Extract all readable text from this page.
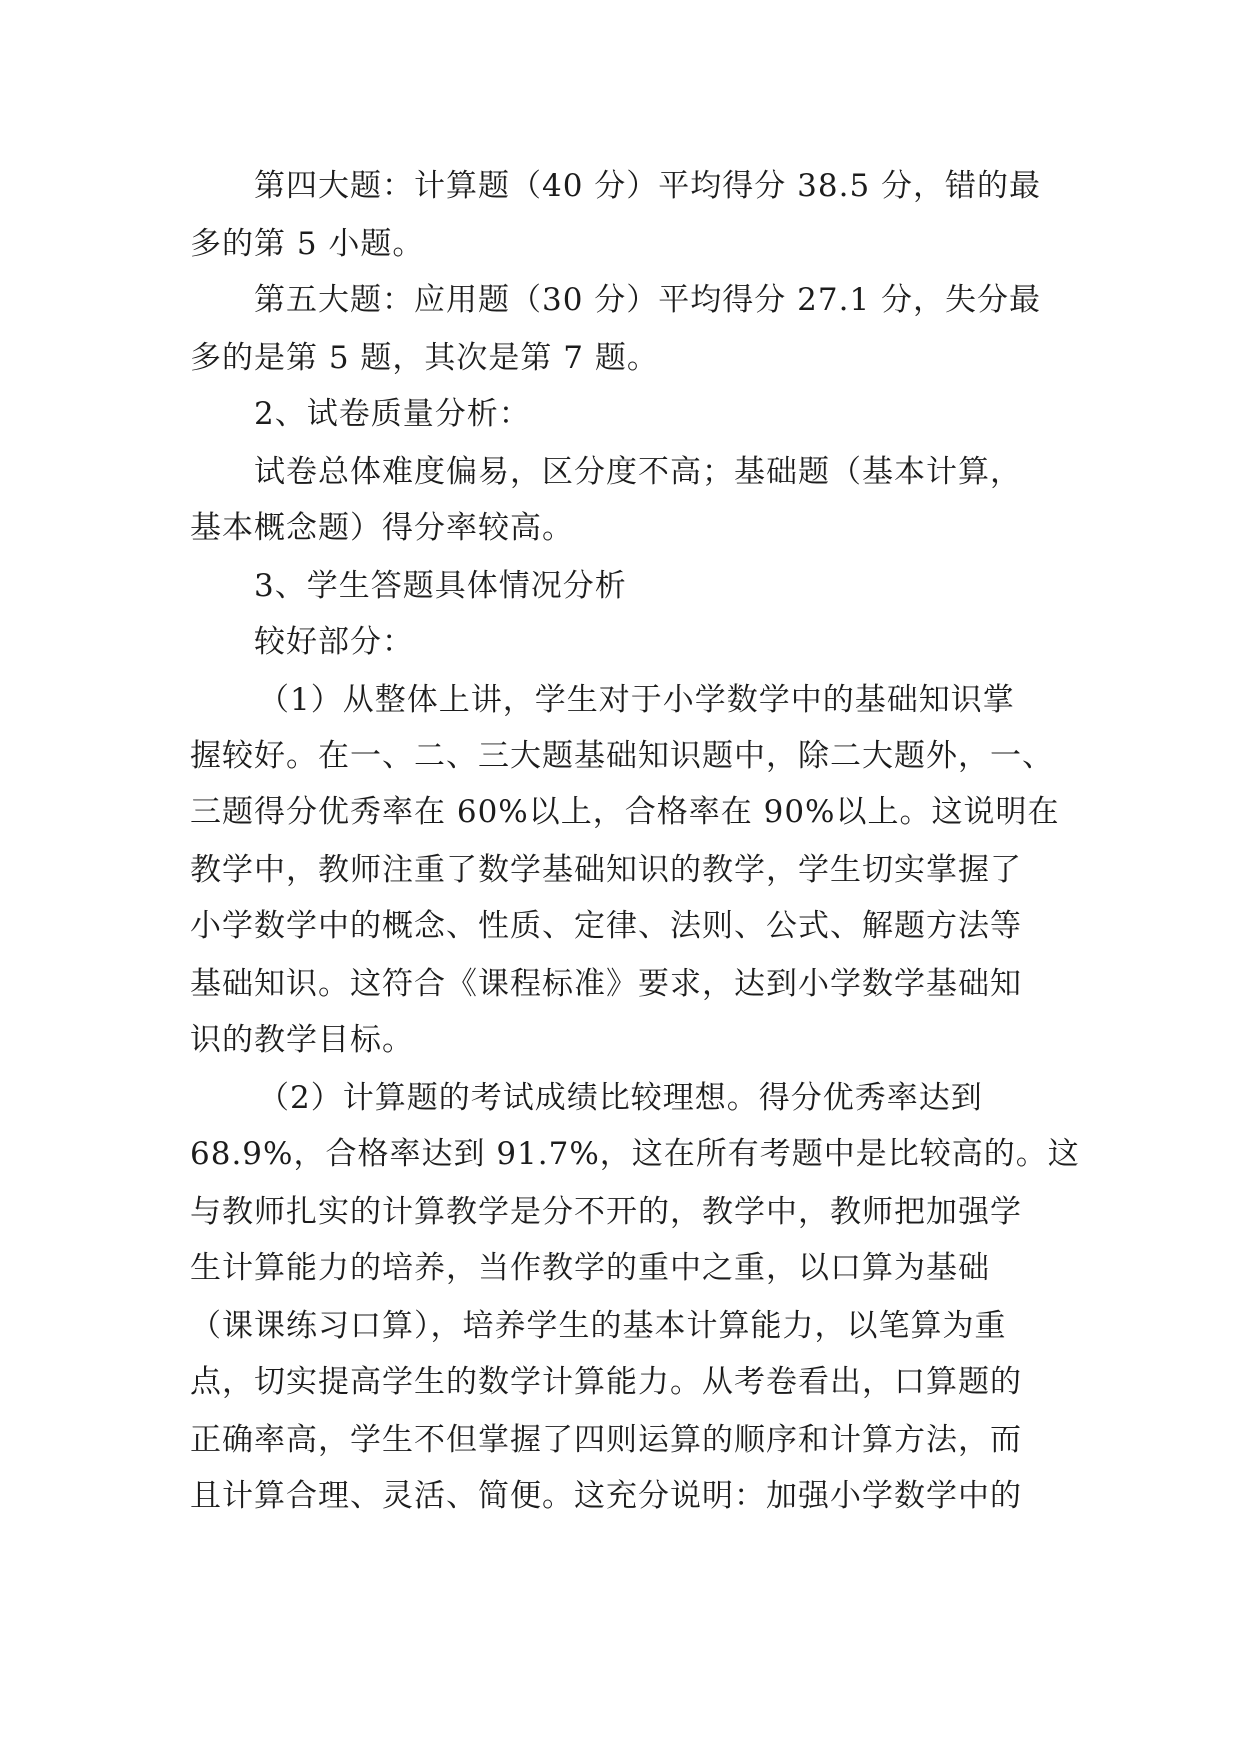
第四大题：计算题（40 分）平均得分 38.5 分，错的最
多的第 5 小题。
第五大题：应用题（30 分）平均得分 27.1 分，失分最
多的是第 5 题，其次是第 7 题。
2、试卷质量分析：
试卷总体难度偏易，区分度不高；基础题（基本计算，
基本概念题）得分率较高。
3、学生答题具体情况分析
较好部分：
（1）从整体上讲，学生对于小学数学中的基础知识掌
握较好。在一、二、三大题基础知识题中，除二大题外，一、
三题得分优秀率在 60%以上，合格率在 90%以上。这说明在
教学中，教师注重了数学基础知识的教学，学生切实掌握了
小学数学中的概念、性质、定律、法则、公式、解题方法等
基础知识。这符合《课程标准》要求，达到小学数学基础知
识的教学目标。
（2）计算题的考试成绩比较理想。得分优秀率达到
68.9%，合格率达到 91.7%，这在所有考题中是比较高的。这
与教师扎实的计算教学是分不开的，教学中，教师把加强学
生计算能力的培养，当作教学的重中之重，以口算为基础
（课课练习口算），培养学生的基本计算能力，以笔算为重
点，切实提高学生的数学计算能力。从考卷看出，口算题的
正确率高，学生不但掌握了四则运算的顺序和计算方法，而
且计算合理、灵活、简便。这充分说明：加强小学数学中的
